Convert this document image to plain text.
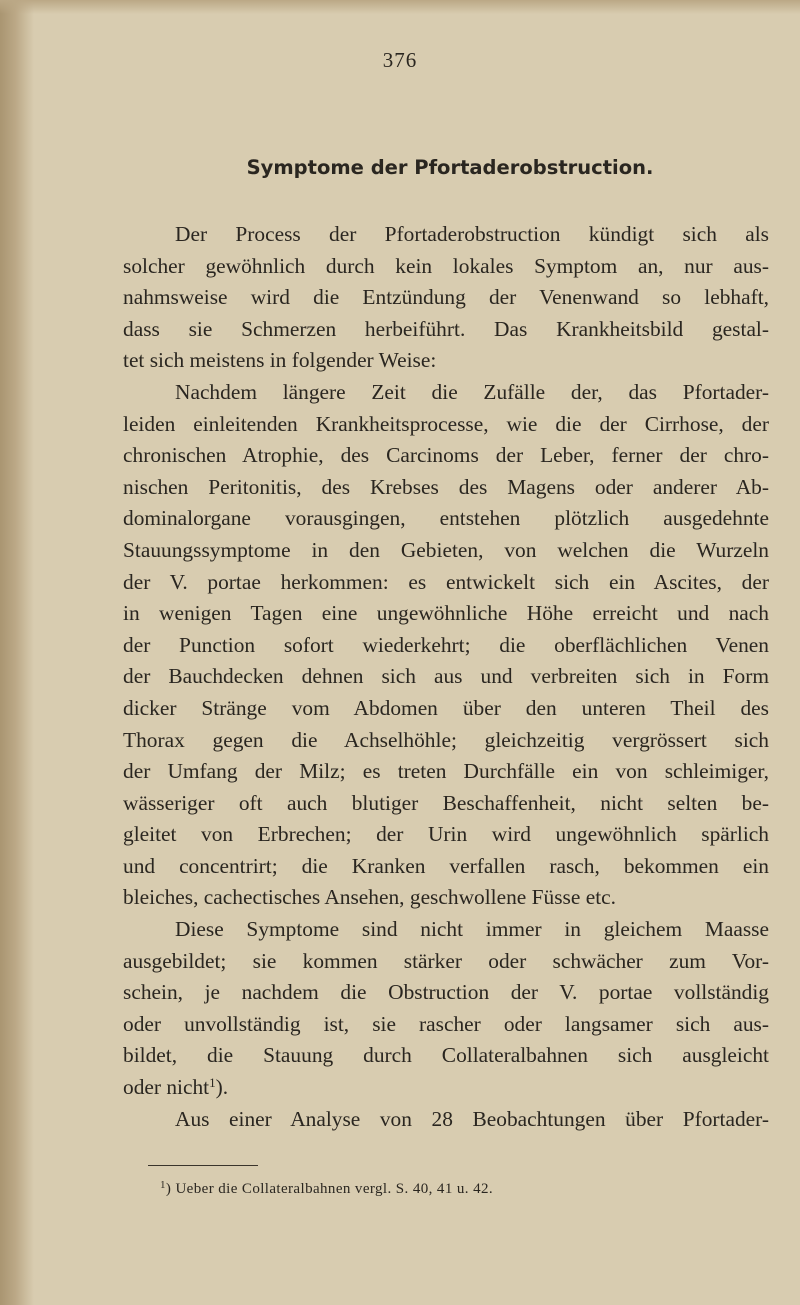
376
Symptome der Pfortaderobstruction.
Der Process der Pfortaderobstruction kündigt sich als
solcher gewöhnlich durch kein lokales Symptom an, nur aus-
nahmsweise wird die Entzündung der Venenwand so lebhaft,
dass sie Schmerzen herbeiführt. Das Krankheitsbild gestal-
tet sich meistens in folgender Weise:
Nachdem längere Zeit die Zufälle der, das Pfortader-
leiden einleitenden Krankheitsprocesse, wie die der Cirrhose, der
chronischen Atrophie, des Carcinoms der Leber, ferner der chro-
nischen Peritonitis, des Krebses des Magens oder anderer Ab-
dominalorgane vorausgingen, entstehen plötzlich ausgedehnte
Stauungssymptome in den Gebieten, von welchen die Wurzeln
der V. portae herkommen: es entwickelt sich ein Ascites, der
in wenigen Tagen eine ungewöhnliche Höhe erreicht und nach
der Punction sofort wiederkehrt; die oberflächlichen Venen
der Bauchdecken dehnen sich aus und verbreiten sich in Form
dicker Stränge vom Abdomen über den unteren Theil des
Thorax gegen die Achselhöhle; gleichzeitig vergrössert sich
der Umfang der Milz; es treten Durchfälle ein von schleimiger,
wässeriger oft auch blutiger Beschaffenheit, nicht selten be-
gleitet von Erbrechen; der Urin wird ungewöhnlich spärlich
und concentrirt; die Kranken verfallen rasch, bekommen ein
bleiches, cachectisches Ansehen, geschwollene Füsse etc.
Diese Symptome sind nicht immer in gleichem Maasse
ausgebildet; sie kommen stärker oder schwächer zum Vor-
schein, je nachdem die Obstruction der V. portae vollständig
oder unvollständig ist, sie rascher oder langsamer sich aus-
bildet, die Stauung durch Collateralbahnen sich ausgleicht
oder nicht$^1$).
Aus einer Analyse von 28 Beobachtungen über Pfortader-
$^1$) Ueber die Collateralbahnen vergl. S. 40, 41 u. 42.
